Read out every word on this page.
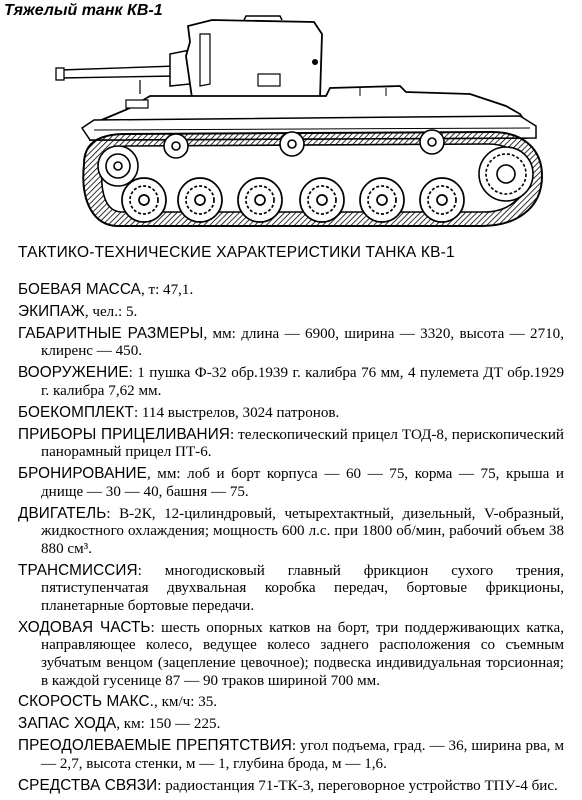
Тяжелый танк КВ-1
ТАКТИКО-ТЕХНИЧЕСКИЕ ХАРАКТЕРИСТИКИ ТАНКА КВ-1

БОЕВАЯ МАССА, т: 47,1.

ЭКИПАЖ, чел.: 5.

ГАБАРИТНЫЕ РАЗМЕРЫ, мм: длина — 6900, ширина — 3320, высота — 2710, клиренс — 450.

ВООРУЖЕНИЕ: 1 пушка Ф-32 обр.1939 г. калибра 76 мм, 4 пулемета ДТ обр.1929 г. калибра 7,62 мм.

БОЕКОМПЛЕКТ: 114 выстрелов, 3024 патронов.

ПРИБОРЫ ПРИЦЕЛИВАНИЯ: телескопический прицел ТОД-8, перископический панорамный прицел ПТ-6.

БРОНИРОВАНИЕ, мм: лоб и борт корпуса — 60 — 75, корма — 75, крыша и днище — 30 — 40, башня — 75.

ДВИГАТЕЛЬ: В-2К, 12-цилиндровый, четырехтактный, дизельный, V-образный, жидкостного охлаждения; мощность 600 л.с. при 1800 об/мин, рабочий объем 38 880 см³.

ТРАНСМИССИЯ: многодисковый главный фрикцион сухого трения, пятиступенчатая двухвальная коробка передач, бортовые фрикционы, планетарные бортовые передачи.

ХОДОВАЯ ЧАСТЬ: шесть опорных катков на борт, три поддерживающих катка, направляющее колесо, ведущее колесо заднего расположения со съемным зубчатым венцом (зацепление цевочное); подвеска индивидуальная торсионная; в каждой гусенице 87 — 90 траков шириной 700 мм.

СКОРОСТЬ МАКС., км/ч: 35.

ЗАПАС ХОДА, км: 150 — 225.

ПРЕОДОЛЕВАЕМЫЕ ПРЕПЯТСТВИЯ: угол подъема, град. — 36, ширина рва, м — 2,7, высота стенки, м — 1, глубина брода, м — 1,6.

СРЕДСТВА СВЯЗИ: радиостанция 71-ТК-3, переговорное устройство ТПУ-4 бис.
